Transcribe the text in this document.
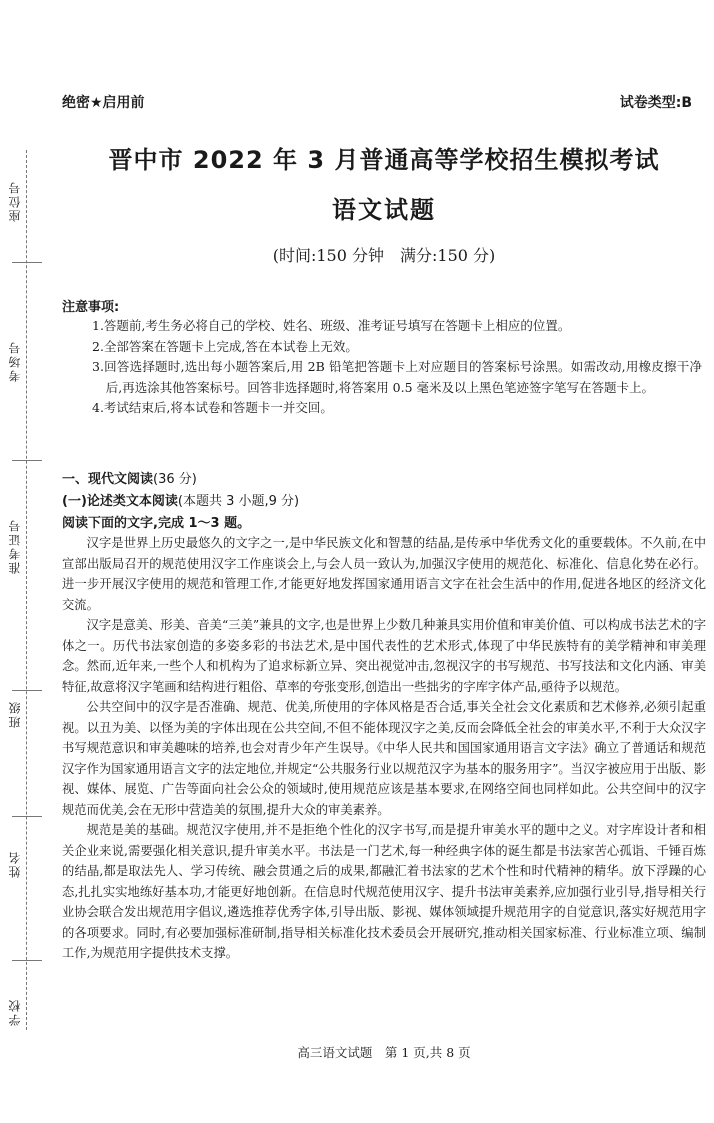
座位号
考场号
准考证号
班级
姓名
学校
绝密★启用前	试卷类型:B
晋中市 2022 年 3 月普通高等学校招生模拟考试
语文试题
(时间:150 分钟　满分:150 分)
注意事项:

1.答题前,考生务必将自己的学校、姓名、班级、准考证号填写在答题卡上相应的位置。

2.全部答案在答题卡上完成,答在本试卷上无效。

3.回答选择题时,选出每小题答案后,用 2B 铅笔把答题卡上对应题目的答案标号涂黑。如需改动,用橡皮擦干净后,再选涂其他答案标号。回答非选择题时,将答案用 0.5 毫米及以上黑色笔迹签字笔写在答题卡上。

4.考试结束后,将本试卷和答题卡一并交回。

一、现代文阅读(36 分)
(一)论述类文本阅读(本题共 3 小题,9 分)
阅读下面的文字,完成 1～3 题。

汉字是世界上历史最悠久的文字之一,是中华民族文化和智慧的结晶,是传承中华优秀文化的重要载体。不久前,在中宣部出版局召开的规范使用汉字工作座谈会上,与会人员一致认为,加强汉字使用的规范化、标准化、信息化势在必行。进一步开展汉字使用的规范和管理工作,才能更好地发挥国家通用语言文字在社会生活中的作用,促进各地区的经济文化交流。

汉字是意美、形美、音美“三美”兼具的文字,也是世界上少数几种兼具实用价值和审美价值、可以构成书法艺术的字体之一。历代书法家创造的多姿多彩的书法艺术,是中国代表性的艺术形式,体现了中华民族特有的美学精神和审美理念。然而,近年来,一些个人和机构为了追求标新立异、突出视觉冲击,忽视汉字的书写规范、书写技法和文化内涵、审美特征,故意将汉字笔画和结构进行粗俗、草率的夸张变形,创造出一些拙劣的字库字体产品,亟待予以规范。

公共空间中的汉字是否准确、规范、优美,所使用的字体风格是否合适,事关全社会文化素质和艺术修养,必须引起重视。以丑为美、以怪为美的字体出现在公共空间,不但不能体现汉字之美,反而会降低全社会的审美水平,不利于大众汉字书写规范意识和审美趣味的培养,也会对青少年产生误导。《中华人民共和国国家通用语言文字法》确立了普通话和规范汉字作为国家通用语言文字的法定地位,并规定“公共服务行业以规范汉字为基本的服务用字”。当汉字被应用于出版、影视、媒体、展览、广告等面向社会公众的领域时,使用规范应该是基本要求,在网络空间也同样如此。公共空间中的汉字规范而优美,会在无形中营造美的氛围,提升大众的审美素养。

规范是美的基础。规范汉字使用,并不是拒绝个性化的汉字书写,而是提升审美水平的题中之义。对字库设计者和相关企业来说,需要强化相关意识,提升审美水平。书法是一门艺术,每一种经典字体的诞生都是书法家苦心孤诣、千锤百炼的结晶,都是取法先人、学习传统、融会贯通之后的成果,都融汇着书法家的艺术个性和时代精神的精华。放下浮躁的心态,扎扎实实地练好基本功,才能更好地创新。在信息时代规范使用汉字、提升书法审美素养,应加强行业引导,指导相关行业协会联合发出规范用字倡议,遴选推荐优秀字体,引导出版、影视、媒体领域提升规范用字的自觉意识,落实好规范用字的各项要求。同时,有必要加强标准研制,指导相关标准化技术委员会开展研究,推动相关国家标准、行业标准立项、编制工作,为规范用字提供技术支撑。

高三语文试题　第 1 页,共 8 页
